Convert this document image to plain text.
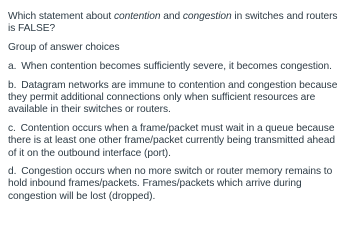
Which statement about contention and congestion in switches and routers is FALSE?

Group of answer choices

a. When contention becomes sufficiently severe, it becomes congestion.

b. Datagram networks are immune to contention and congestion because they permit additional connections only when sufficient resources are available in their switches or routers.

c. Contention occurs when a frame/packet must wait in a queue because there is at least one other frame/packet currently being transmitted ahead of it on the outbound interface (port).

d. Congestion occurs when no more switch or router memory remains to hold inbound frames/packets. Frames/packets which arrive during congestion will be lost (dropped).
